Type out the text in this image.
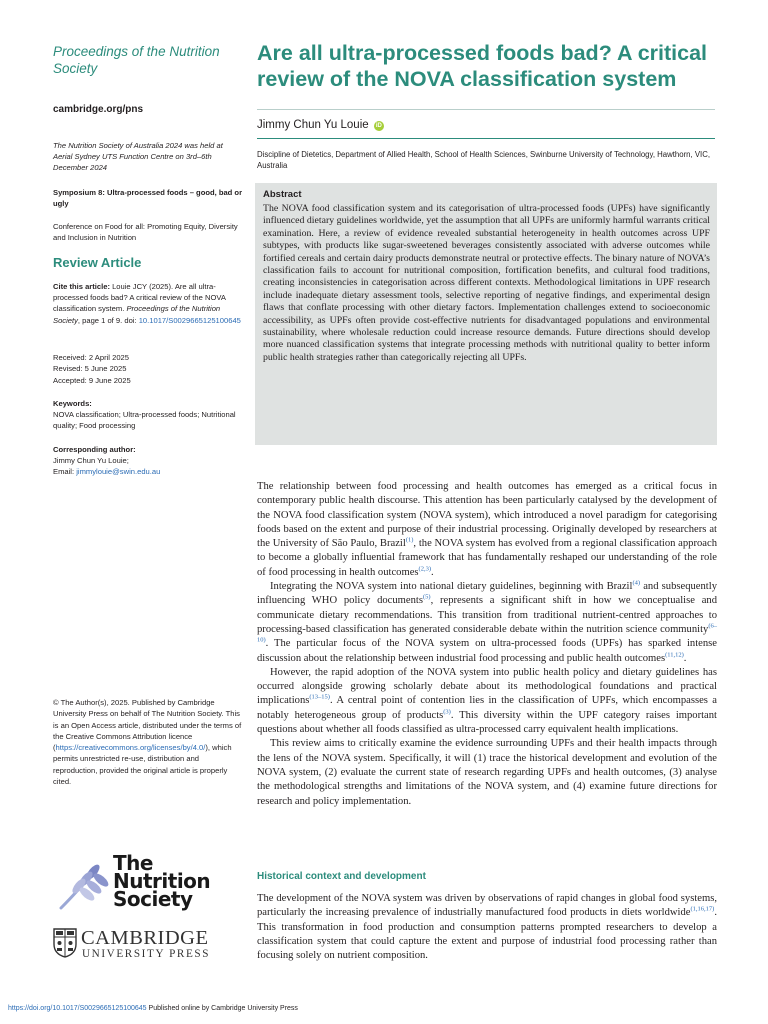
Proceedings of the Nutrition Society
cambridge.org/pns
The Nutrition Society of Australia 2024 was held at Aerial Sydney UTS Function Centre on 3rd–6th December 2024
Symposium 8: Ultra-processed foods – good, bad or ugly
Conference on Food for all: Promoting Equity, Diversity and Inclusion in Nutrition
Review Article
Cite this article: Louie JCY (2025). Are all ultra-processed foods bad? A critical review of the NOVA classification system. Proceedings of the Nutrition Society, page 1 of 9. doi: 10.1017/S0029665125100645
Received: 2 April 2025
Revised: 5 June 2025
Accepted: 9 June 2025
Keywords:
NOVA classification; Ultra-processed foods; Nutritional quality; Food processing
Corresponding author:
Jimmy Chun Yu Louie;
Email: jimmylouie@swin.edu.au
© The Author(s), 2025. Published by Cambridge University Press on behalf of The Nutrition Society. This is an Open Access article, distributed under the terms of the Creative Commons Attribution licence (https://creativecommons.org/licenses/by/4.0/), which permits unrestricted re-use, distribution and reproduction, provided the original article is properly cited.
The
Nutrition
Society
CAMBRIDGE
UNIVERSITY PRESS
Are all ultra-processed foods bad? A critical review of the NOVA classification system
Jimmy Chun Yu Louie iD
Discipline of Dietetics, Department of Allied Health, School of Health Sciences, Swinburne University of Technology, Hawthorn, VIC, Australia
Abstract
The NOVA food classification system and its categorisation of ultra-processed foods (UPFs) have significantly influenced dietary guidelines worldwide, yet the assumption that all UPFs are uniformly harmful warrants critical examination. Here, a review of evidence revealed substantial heterogeneity in health outcomes across UPF subtypes, with products like sugar-sweetened beverages consistently associated with adverse outcomes while fortified cereals and certain dairy products demonstrate neutral or protective effects. The binary nature of NOVA’s classification fails to account for nutritional composition, fortification benefits, and cultural food traditions, creating inconsistencies in categorisation across different contexts. Methodological limitations in UPF research include inadequate dietary assessment tools, selective reporting of negative findings, and experimental design flaws that conflate processing with other dietary factors. Implementation challenges extend to socioeconomic accessibility, as UPFs often provide cost-effective nutrients for disadvantaged populations and environmental sustainability, where wholesale reduction could increase resource demands. Future directions should develop more nuanced classification systems that integrate processing methods with nutritional quality to better inform public health strategies rather than categorically rejecting all UPFs.

The relationship between food processing and health outcomes has emerged as a critical focus in contemporary public health discourse. This attention has been particularly catalysed by the development of the NOVA food classification system (NOVA system), which introduced a novel paradigm for categorising foods based on the extent and purpose of their industrial processing. Originally developed by researchers at the University of São Paulo, Brazil$^{(1)}$, the NOVA system has evolved from a regional classification approach to become a globally influential framework that has fundamentally reshaped our understanding of the role of food processing in health outcomes$^{(2,3)}$.

Integrating the NOVA system into national dietary guidelines, beginning with Brazil$^{(4)}$ and subsequently influencing WHO policy documents$^{(5)}$, represents a significant shift in how we conceptualise and communicate dietary recommendations. This transition from traditional nutrient-centred approaches to processing-based classification has generated considerable debate within the nutrition science community$^{(6-10)}$. The particular focus of the NOVA system on ultra-processed foods (UPFs) has sparked intense discussion about the relationship between industrial food processing and public health outcomes$^{(11,12)}$.

However, the rapid adoption of the NOVA system into public health policy and dietary guidelines has occurred alongside growing scholarly debate about its methodological foundations and practical implications$^{(13-15)}$. A central point of contention lies in the classification of UPFs, which encompasses a notably heterogeneous group of products$^{(3)}$. This diversity within the UPF category raises important questions about whether all foods classified as ultra-processed carry equivalent health implications.

This review aims to critically examine the evidence surrounding UPFs and their health impacts through the lens of the NOVA system. Specifically, it will (1) trace the historical development and evolution of the NOVA system, (2) evaluate the current state of research regarding UPFs and health outcomes, (3) analyse the methodological strengths and limitations of the NOVA system, and (4) examine future directions for research and policy implementation.

Historical context and development
The development of the NOVA system was driven by observations of rapid changes in global food systems, particularly the increasing prevalence of industrially manufactured food products in diets worldwide$^{(1,16,17)}$. This transformation in food production and consumption patterns prompted researchers to develop a classification system that could capture the extent and purpose of industrial food processing rather than focusing solely on nutrient composition.
https://doi.org/10.1017/S0029665125100645 Published online by Cambridge University Press
